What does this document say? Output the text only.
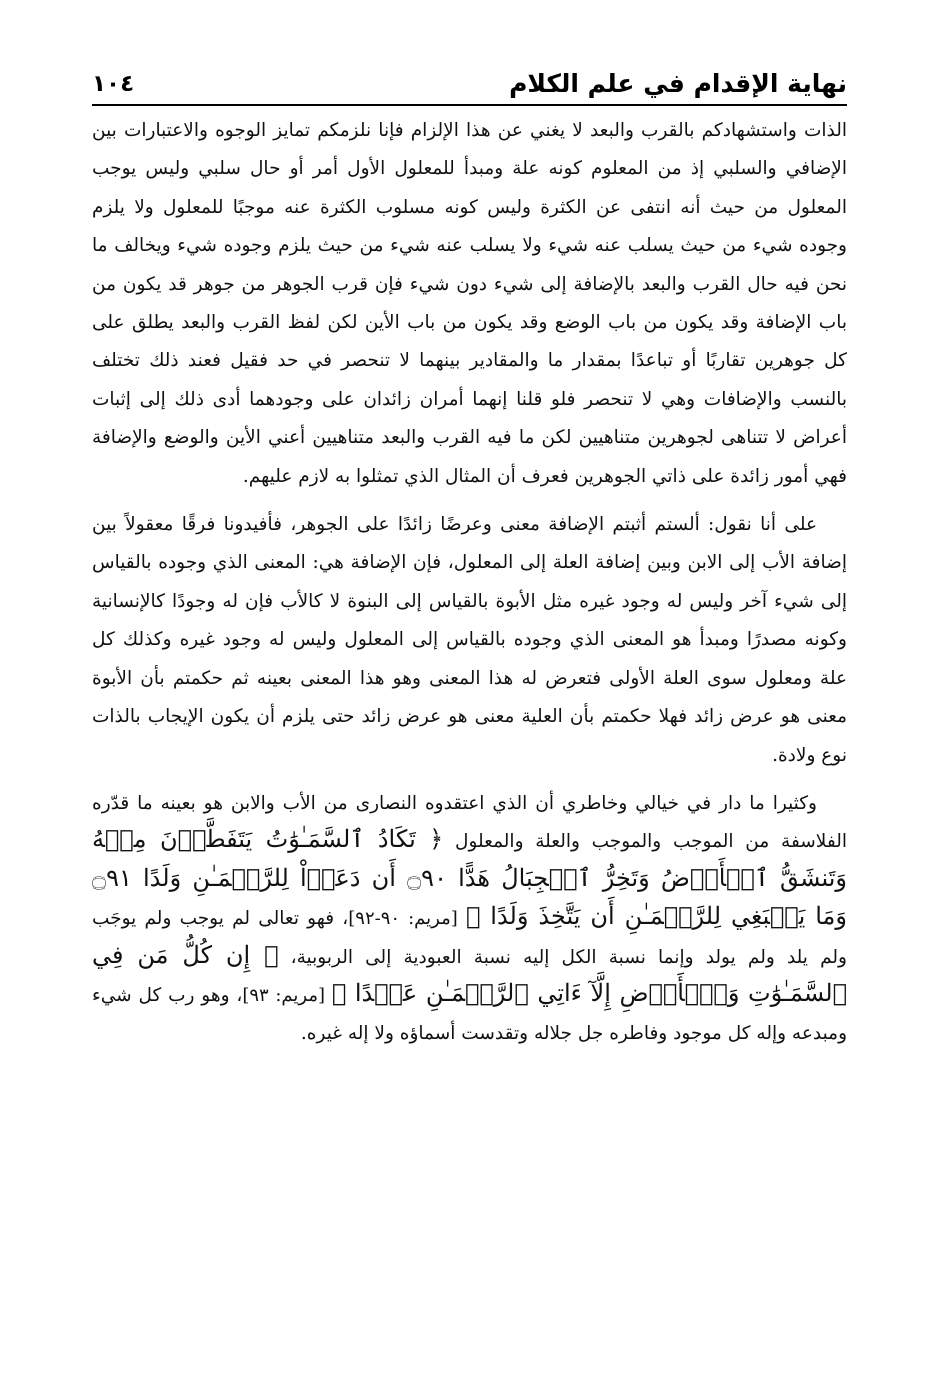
نهاية الإقدام في علم الكلام
١٠٤

الذات واستشهادكم بالقرب والبعد لا يغني عن هذا الإلزام فإنا نلزمكم تمايز الوجوه والاعتبارات بين الإضافي والسلبي إذ من المعلوم كونه علة ومبدأ للمعلول الأول أمر أو حال سلبي وليس يوجب المعلول من حيث أنه انتفى عن الكثرة وليس كونه مسلوب الكثرة عنه موجبًا للمعلول ولا يلزم وجوده شيء من حيث يسلب عنه شيء ولا يسلب عنه شيء من حيث يلزم وجوده شيء ويخالف ما نحن فيه حال القرب والبعد بالإضافة إلى شيء دون شيء فإن قرب الجوهر من جوهر قد يكون من باب الإضافة وقد يكون من باب الوضع وقد يكون من باب الأين لكن لفظ القرب والبعد يطلق على كل جوهرين تقاربًا أو تباعدًا بمقدار ما والمقادير بينهما لا تنحصر في حد فقيل فعند ذلك تختلف بالنسب والإضافات وهي لا تنحصر فلو قلنا إنهما أمران زائدان على وجودهما أدى ذلك إلى إثبات أعراض لا تتناهى لجوهرين متناهيين لكن ما فيه القرب والبعد متناهيين أعني الأين والوضع والإضافة فهي أمور زائدة على ذاتي الجوهرين فعرف أن المثال الذي تمثلوا به لازم عليهم.

على أنا نقول: ألستم أثبتم الإضافة معنى وعرضًا زائدًا على الجوهر، فأفيدونا فرقًا معقولاً بين إضافة الأب إلى الابن وبين إضافة العلة إلى المعلول، فإن الإضافة هي: المعنى الذي وجوده بالقياس إلى شيء آخر وليس له وجود غيره مثل الأبوة بالقياس إلى البنوة لا كالأب فإن له وجودًا كالإنسانية وكونه مصدرًا ومبدأ هو المعنى الذي وجوده بالقياس إلى المعلول وليس له وجود غيره وكذلك كل علة ومعلول سوى العلة الأولى فتعرض له هذا المعنى وهو هذا المعنى بعينه ثم حكمتم بأن الأبوة معنى هو عرض زائد فهلا حكمتم بأن العلية معنى هو عرض زائد حتى يلزم أن يكون الإيجاب بالذات نوع ولادة.

وكثيرا ما دار في خيالي وخاطري أن الذي اعتقدوه النصارى من الأب والابن هو بعينه ما قدّره الفلاسفة من الموجب والموجب والعلة والمعلول ﴿ تَكَادُ ٱلسَّمَـٰوَٰتُ يَتَفَطَّرۡنَ مِنۡهُ وَتَنشَقُّ ٱلۡأَرۡضُ وَتَخِرُّ ٱلۡجِبَالُ هَدًّا ۝٩٠ أَن دَعَوۡاْ لِلرَّحۡمَـٰنِ وَلَدًا ۝٩١ وَمَا يَنۢبَغِي لِلرَّحۡمَـٰنِ أَن يَتَّخِذَ وَلَدًا ﴾ [مريم: ٩٠-٩٢]، فهو تعالى لم يوجب ولم يوجَب ولم يلد ولم يولد وإنما نسبة الكل إليه نسبة العبودية إلى الربوبية، ﴿ إِن كُلُّ مَن فِي ٱلسَّمَـٰوَٰتِ وَٱلۡأَرۡضِ إِلَّآ ءَاتِي ٱلرَّحۡمَـٰنِ عَبۡدًا ﴾ [مريم: ٩٣]، وهو رب كل شيء ومبدعه وإله كل موجود وفاطره جل جلاله وتقدست أسماؤه ولا إله غيره.
